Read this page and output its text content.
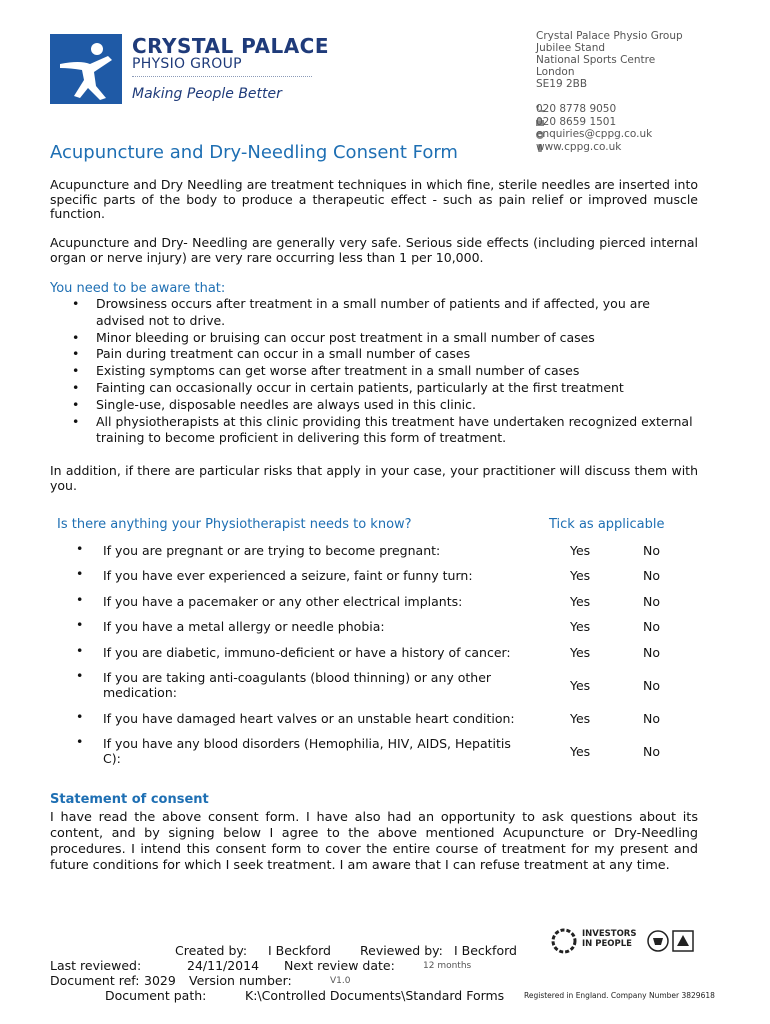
CRYSTAL PALACE
PHYSIO GROUP
Making People Better
Crystal Palace Physio Group
Jubilee Stand
National Sports Centre
London
SE19 2BB
020 8778 9050
020 8659 1501
enquiries@cppg.co.uk
www.cppg.co.uk
Acupuncture and Dry-Needling Consent Form
Acupuncture and Dry Needling are treatment techniques in which fine, sterile needles are inserted into specific parts of the body to produce a therapeutic effect - such as pain relief or improved muscle function.
Acupuncture and Dry- Needling are generally very safe. Serious side effects (including pierced internal organ or nerve injury) are very rare occurring less than 1 per 10,000.
You need to be aware that:
• Drowsiness occurs after treatment in a small number of patients and if affected, you are advised not to drive.
• Minor bleeding or bruising can occur post treatment in a small number of cases
• Pain during treatment can occur in a small number of cases
• Existing symptoms can get worse after treatment in a small number of cases
• Fainting can occasionally occur in certain patients, particularly at the first treatment
• Single-use, disposable needles are always used in this clinic.
• All physiotherapists at this clinic providing this treatment have undertaken recognized external training to become proficient in delivering this form of treatment.
In addition, if there are particular risks that apply in your case, your practitioner will discuss them with you.
Is there anything your Physiotherapist needs to know?	Tick as applicable
• If you are pregnant or are trying to become pregnant:	Yes	No
• If you have ever experienced a seizure, faint or funny turn:	Yes	No
• If you have a pacemaker or any other electrical implants:	Yes	No
• If you have a metal allergy or needle phobia:	Yes	No
• If you are diabetic, immuno-deficient or have a history of cancer:	Yes	No
• If you are taking anti-coagulants (blood thinning) or any other medication:	Yes	No
• If you have damaged heart valves or an unstable heart condition:	Yes	No
• If you have any blood disorders (Hemophilia, HIV, AIDS, Hepatitis C):	Yes	No
Statement of consent
I have read the above consent form. I have also had an opportunity to ask questions about its content, and by signing below I agree to the above mentioned Acupuncture or Dry-Needling procedures. I intend this consent form to cover the entire course of treatment for my present and future conditions for which I seek treatment. I am aware that I can refuse treatment at any time.
INVESTORS
IN PEOPLE
Created by: I Beckford Reviewed by: I Beckford
Last reviewed:	24/11/2014 Next review date:	12 months
Document ref: 3029 Version number:	V1.0
Document path:	K:\Controlled Documents\Standard Forms	Registered in England. Company Number 3829618
